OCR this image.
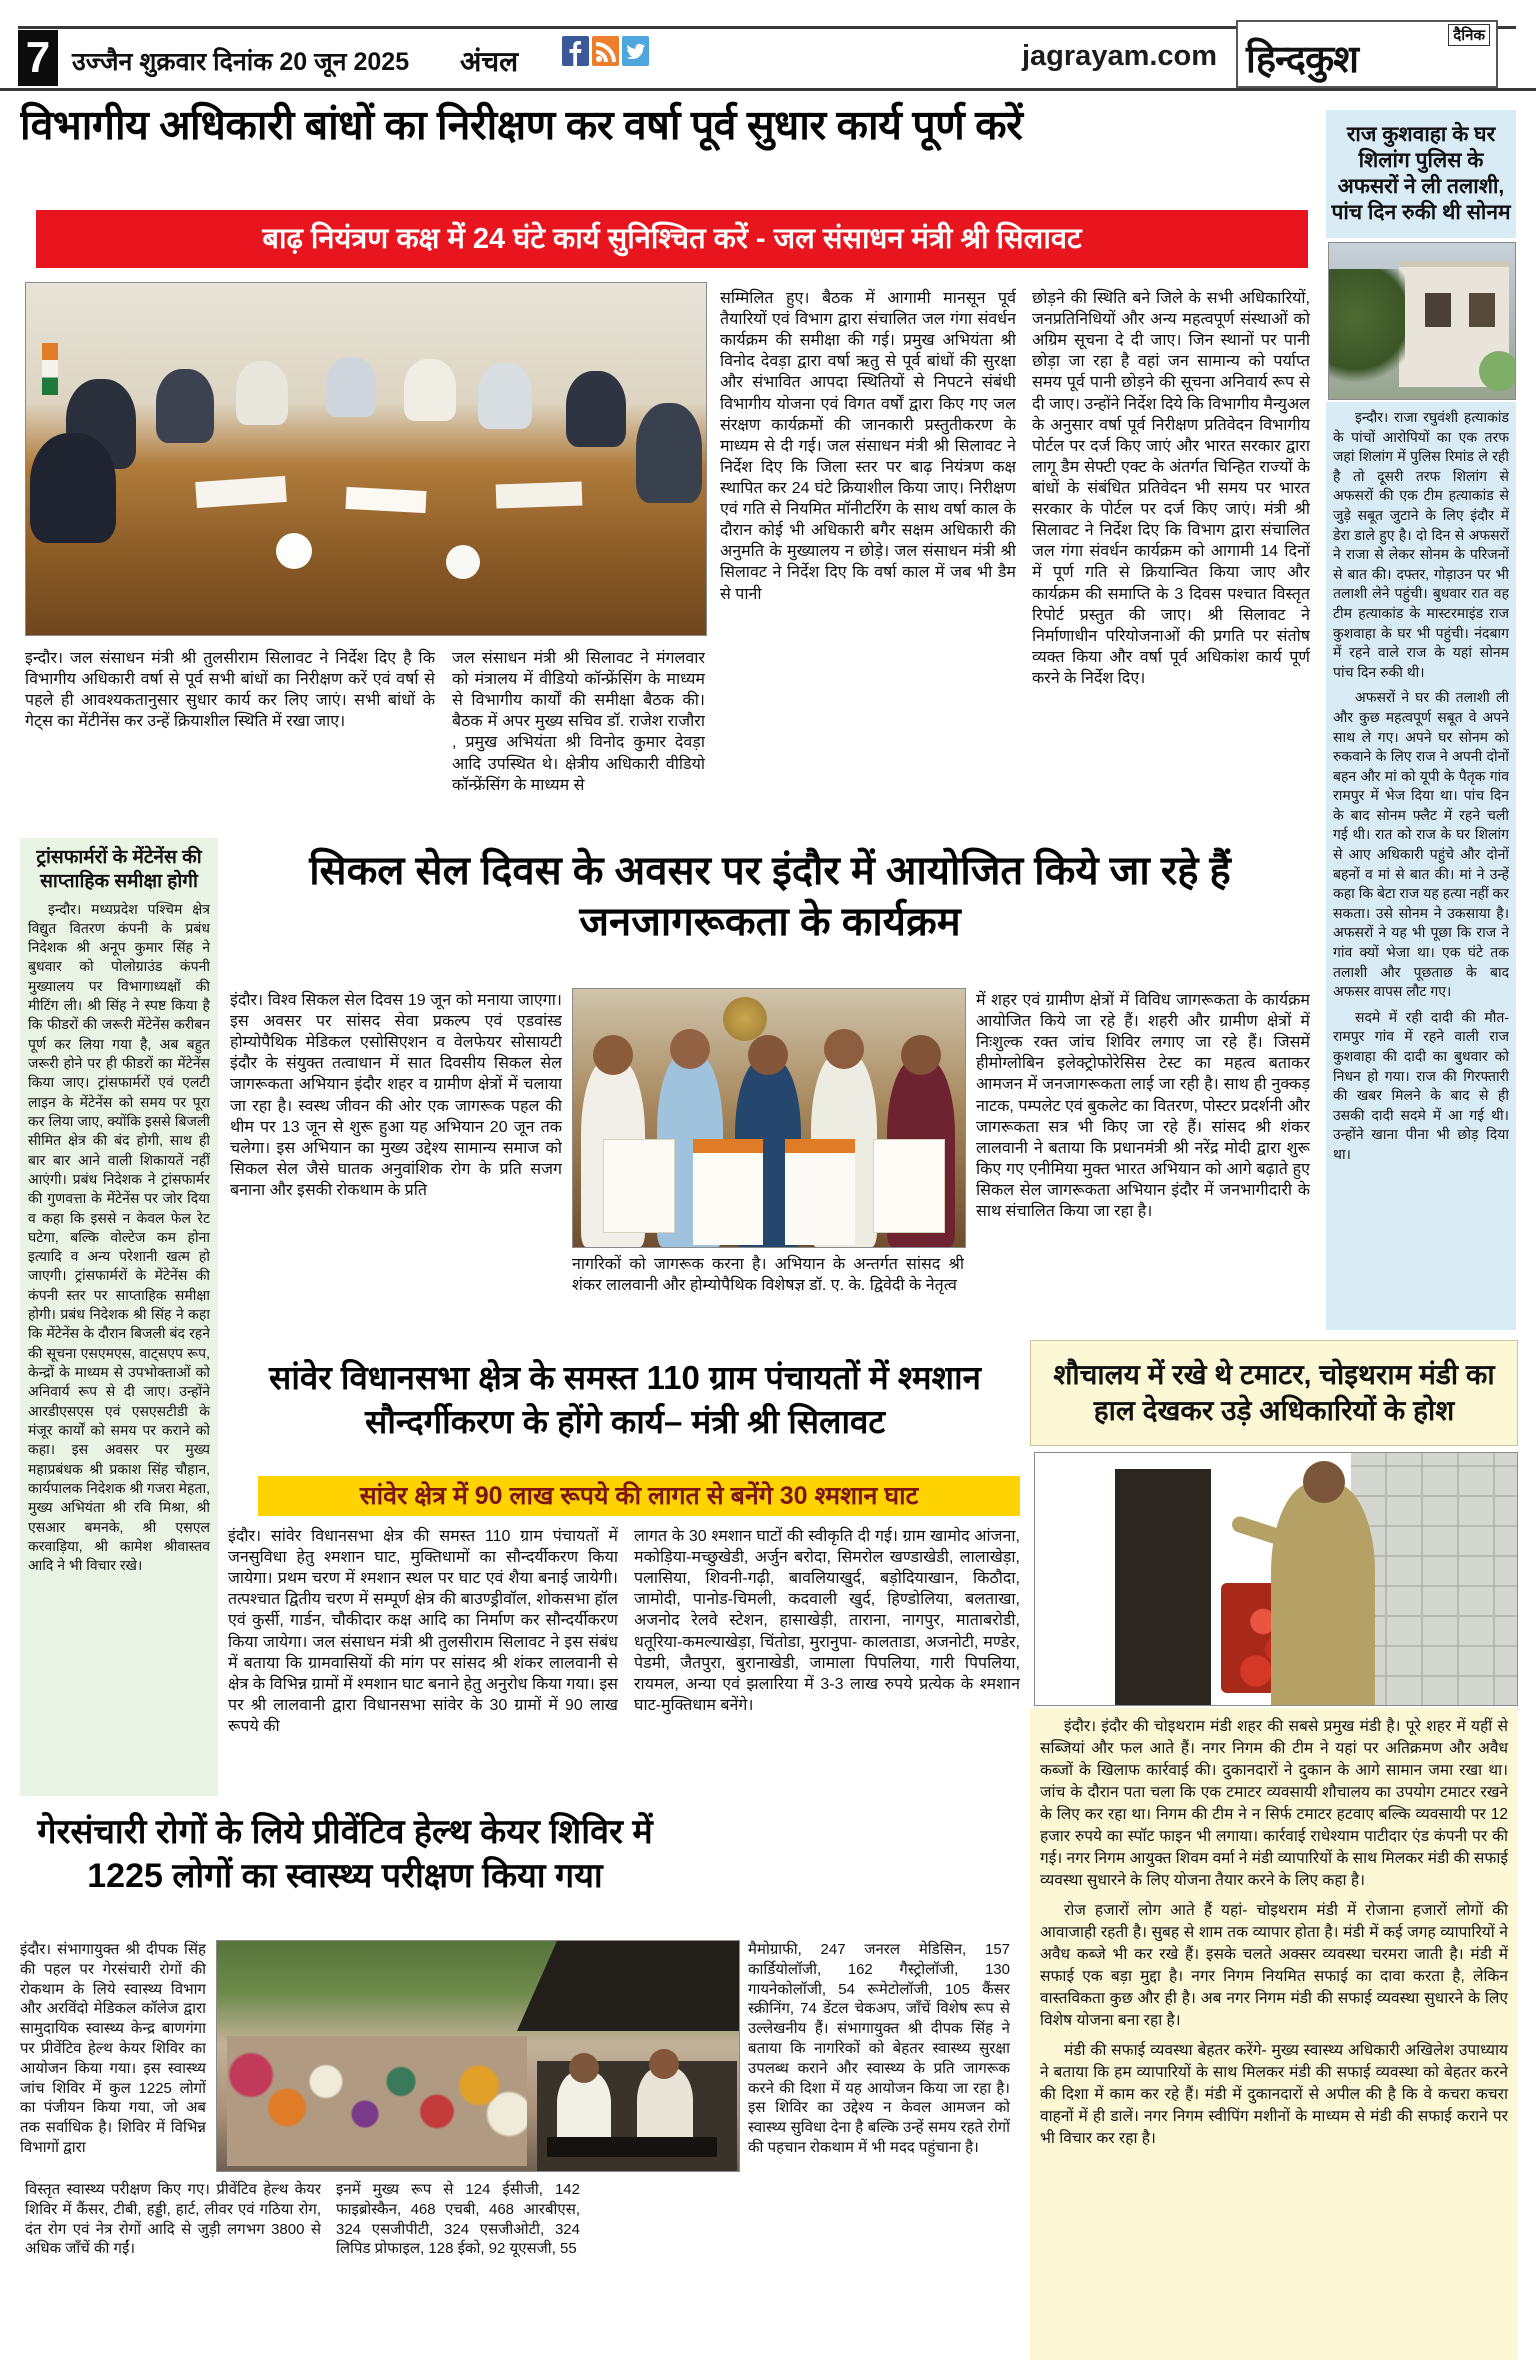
7 उज्जैन शुक्रवार दिनांक 20 जून 2025 अंचल	jagrayam.com
दैनिक
हिन्दकुश
विभागीय अधिकारी बांधों का निरीक्षण कर वर्षा पूर्व सुधार कार्य पूर्ण करें
बाढ़ नियंत्रण कक्ष में 24 घंटे कार्य सुनिश्चित करें - जल संसाधन मंत्री श्री सिलावट
इन्दौर। जल संसाधन मंत्री श्री तुलसीराम सिलावट ने निर्देश दिए है कि विभागीय अधिकारी वर्षा से पूर्व सभी बांधों का निरीक्षण करें एवं वर्षा से पहले ही आवश्यकतानुसार सुधार कार्य कर लिए जाएं। सभी बांधों के गेट्स का मेंटीनेंस कर उन्हें क्रियाशील स्थिति में रखा जाए।
जल संसाधन मंत्री श्री सिलावट ने मंगलवार को मंत्रालय में वीडियो कॉन्फ्रेंसिंग के माध्यम से विभागीय कार्यों की समीक्षा बैठक की। बैठक में अपर मुख्य सचिव डॉ. राजेश राजौरा , प्रमुख अभियंता श्री विनोद कुमार देवड़ा आदि उपस्थित थे। क्षेत्रीय अधिकारी वीडियो कॉन्फ्रेंसिंग के माध्यम से
सम्मिलित हुए। बैठक में आगामी मानसून पूर्व तैयारियों एवं विभाग द्वारा संचालित जल गंगा संवर्धन कार्यक्रम की समीक्षा की गई। प्रमुख अभियंता श्री विनोद देवड़ा द्वारा वर्षा ऋतु से पूर्व बांधों की सुरक्षा और संभावित आपदा स्थितियों से निपटने संबंधी विभागीय योजना एवं विगत वर्षों द्वारा किए गए जल संरक्षण कार्यक्रमों की जानकारी प्रस्तुतीकरण के माध्यम से दी गई। जल संसाधन मंत्री श्री सिलावट ने निर्देश दिए कि जिला स्तर पर बाढ़ नियंत्रण कक्ष स्थापित कर 24 घंटे क्रियाशील किया जाए। निरीक्षण एवं गति से नियमित मॉनीटरिंग के साथ वर्षा काल के दौरान कोई भी अधिकारी बगैर सक्षम अधिकारी की अनुमति के मुख्यालय न छोड़े। जल संसाधन मंत्री श्री सिलावट ने निर्देश दिए कि वर्षा काल में जब भी डैम से पानी
छोड़ने की स्थिति बने जिले के सभी अधिकारियों, जनप्रतिनिधियों और अन्य महत्वपूर्ण संस्थाओं को अग्रिम सूचना दे दी जाए। जिन स्थानों पर पानी छोड़ा जा रहा है वहां जन सामान्य को पर्याप्त समय पूर्व पानी छोड़ने की सूचना अनिवार्य रूप से दी जाए। उन्होंने निर्देश दिये कि विभागीय मैन्युअल के अनुसार वर्षा पूर्व निरीक्षण प्रतिवेदन विभागीय पोर्टल पर दर्ज किए जाएं और भारत सरकार द्वारा लागू डैम सेफ्टी एक्ट के अंतर्गत चिन्हित राज्यों के बांधों के संबंधित प्रतिवेदन भी समय पर भारत सरकार के पोर्टल पर दर्ज किए जाएं। मंत्री श्री सिलावट ने निर्देश दिए कि विभाग द्वारा संचालित जल गंगा संवर्धन कार्यक्रम को आगामी 14 दिनों में पूर्ण गति से क्रियान्वित किया जाए और कार्यक्रम की समाप्ति के 3 दिवस पश्चात विस्तृत रिपोर्ट प्रस्तुत की जाए। श्री सिलावट ने निर्माणाधीन परियोजनाओं की प्रगति पर संतोष व्यक्त किया और वर्षा पूर्व अधिकांश कार्य पूर्ण करने के निर्देश दिए।
राज कुशवाहा के घर शिलांग पुलिस के अफसरों ने ली तलाशी, पांच दिन रुकी थी सोनम

इन्दौर। राजा रघुवंशी हत्याकांड के पांचों आरोपियों का एक तरफ जहां शिलांग में पुलिस रिमांड ले रही है तो दूसरी तरफ शिलांग से अफसरों की एक टीम हत्याकांड से जुड़े सबूत जुटाने के लिए इंदौर में डेरा डाले हुए है। दो दिन से अफसरों ने राजा से लेकर सोनम के परिजनों से बात की। दफ्तर, गोड़ाउन पर भी तलाशी लेने पहुंची। बुधवार रात वह टीम हत्याकांड के मास्टरमाइंड राज कुशवाहा के घर भी पहुंची। नंदबाग में रहने वाले राज के यहां सोनम पांच दिन रुकी थी।

अफसरों ने घर की तलाशी ली और कुछ महत्वपूर्ण सबूत वे अपने साथ ले गए। अपने घर सोनम को रुकवाने के लिए राज ने अपनी दोनों बहन और मां को यूपी के पैतृक गांव रामपुर में भेज दिया था। पांच दिन के बाद सोनम फ्लैट में रहने चली गई थी। रात को राज के घर शिलांग से आए अधिकारी पहुंचे और दोनों बहनों व मां से बात की। मां ने उन्हें कहा कि बेटा राज यह हत्या नहीं कर सकता। उसे सोनम ने उकसाया है। अफसरों ने यह भी पूछा कि राज ने गांव क्यों भेजा था। एक घंटे तक तलाशी और पूछताछ के बाद अफसर वापस लौट गए।

सदमे में रही दादी की मौत- रामपुर गांव में रहने वाली राज कुशवाहा की दादी का बुधवार को निधन हो गया। राज की गिरफ्तारी की खबर मिलने के बाद से ही उसकी दादी सदमे में आ गई थी। उन्होंने खाना पीना भी छोड़ दिया था।

ट्रांसफार्मरों के मेंटेनेंस की साप्ताहिक समीक्षा होगी
इन्दौर। मध्यप्रदेश पश्चिम क्षेत्र विद्युत वितरण कंपनी के प्रबंध निदेशक श्री अनूप कुमार सिंह ने बुधवार को पोलोग्राउंड कंपनी मुख्यालय पर विभागाध्यक्षों की मीटिंग ली। श्री सिंह ने स्पष्ट किया है कि फीडरों की जरूरी मेंटेनेंस करीबन पूर्ण कर लिया गया है, अब बहुत जरूरी होने पर ही फीडरों का मेंटेनेंस किया जाए। ट्रांसफार्मरों एवं एलटी लाइन के मेंटेनेंस को समय पर पूरा कर लिया जाए, क्योंकि इससे बिजली सीमित क्षेत्र की बंद होगी, साथ ही बार बार आने वाली शिकायतें नहीं आएंगी। प्रबंध निदेशक ने ट्रांसफार्मर की गुणवत्ता के मेंटेनेंस पर जोर दिया व कहा कि इससे न केवल फेल रेट घटेगा, बल्कि वोल्टेज कम होना इत्यादि व अन्य परेशानी खत्म हो जाएगी। ट्रांसफार्मरों के मेंटेनेंस की कंपनी स्तर पर साप्ताहिक समीक्षा होगी। प्रबंध निदेशक श्री सिंह ने कहा कि मेंटेनेंस के दौरान बिजली बंद रहने की सूचना एसएमएस, वाट्सएप रूप, केन्द्रों के माध्यम से उपभोक्ताओं को अनिवार्य रूप से दी जाए। उन्होंने आरडीएसएस एवं एसएसटीडी के मंजूर कार्यों को समय पर कराने को कहा। इस अवसर पर मुख्य महाप्रबंधक श्री प्रकाश सिंह चौहान, कार्यपालक निदेशक श्री गजरा मेहता, मुख्य अभियंता श्री रवि मिश्रा, श्री एसआर बमनके, श्री एसएल करवाड़िया, श्री कामेश श्रीवास्तव आदि ने भी विचार रखे।
सिकल सेल दिवस के अवसर पर इंदौर में आयोजित किये जा रहे हैं जनजागरूकता के कार्यक्रम
इंदौर। विश्व सिकल सेल दिवस 19 जून को मनाया जाएगा। इस अवसर पर सांसद सेवा प्रकल्प एवं एडवांस्ड होम्योपैथिक मेडिकल एसोसिएशन व वेलफेयर सोसायटी इंदौर के संयुक्त तत्वाधान में सात दिवसीय सिकल सेल जागरूकता अभियान इंदौर शहर व ग्रामीण क्षेत्रों में चलाया जा रहा है। स्वस्थ जीवन की ओर एक जागरूक पहल की थीम पर 13 जून से शुरू हुआ यह अभियान 20 जून तक चलेगा। इस अभियान का मुख्य उद्देश्य सामान्य समाज को सिकल सेल जैसे घातक अनुवांशिक रोग के प्रति सजग बनाना और इसकी रोकथाम के प्रति
नागरिकों को जागरूक करना है। अभियान के अन्तर्गत सांसद श्री शंकर लालवानी और होम्योपैथिक विशेषज्ञ डॉ. ए. के. द्विवेदी के नेतृत्व
में शहर एवं ग्रामीण क्षेत्रों में विविध जागरूकता के कार्यक्रम आयोजित किये जा रहे हैं। शहरी और ग्रामीण क्षेत्रों में निःशुल्क रक्त जांच शिविर लगाए जा रहे हैं। जिसमें हीमोग्लोबिन इलेक्ट्रोफोरेसिस टेस्ट का महत्व बताकर आमजन में जनजागरूकता लाई जा रही है। साथ ही नुक्कड़ नाटक, पम्पलेट एवं बुकलेट का वितरण, पोस्टर प्रदर्शनी और जागरूकता सत्र भी किए जा रहे हैं। सांसद श्री शंकर लालवानी ने बताया कि प्रधानमंत्री श्री नरेंद्र मोदी द्वारा शुरू किए गए एनीमिया मुक्त भारत अभियान को आगे बढ़ाते हुए सिकल सेल जागरूकता अभियान इंदौर में जनभागीदारी के साथ संचालित किया जा रहा है।
सांवेर विधानसभा क्षेत्र के समस्त 110 ग्राम पंचायतों में श्मशान सौन्दर्गीकरण के होंगे कार्य– मंत्री श्री सिलावट
सांवेर क्षेत्र में 90 लाख रूपये की लागत से बनेंगे 30 श्मशान घाट
इंदौर। सांवेर विधानसभा क्षेत्र की समस्त 110 ग्राम पंचायतों में जनसुविधा हेतु श्मशान घाट, मुक्तिधामों का सौन्दर्यीकरण किया जायेगा। प्रथम चरण में श्मशान स्थल पर घाट एवं शैया बनाई जायेगी। तत्पश्चात द्वितीय चरण में सम्पूर्ण क्षेत्र की बाउण्ड्रीवॉल, शोकसभा हॉल एवं कुर्सी, गार्डन, चौकीदार कक्ष आदि का निर्माण कर सौन्दर्यीकरण किया जायेगा। जल संसाधन मंत्री श्री तुलसीराम सिलावट ने इस संबंध में बताया कि ग्रामवासियों की मांग पर सांसद श्री शंकर लालवानी से क्षेत्र के विभिन्न ग्रामों में श्मशान घाट बनाने हेतु अनुरोध किया गया। इस पर श्री लालवानी द्वारा विधानसभा सांवेर के 30 ग्रामों में 90 लाख रूपये की
लागत के 30 श्मशान घाटों की स्वीकृति दी गई। ग्राम खामोद आंजना, मकोड़िया-मच्छुखेडी, अर्जुन बरोदा, सिमरोल खण्डाखेडी, लालाखेड़ा, पलासिया, शिवनी-गढ़ी, बावलियाखुर्द, बड़ोदियाखान, किठौदा, जामोदी, पानोड-चिमली, कदवाली खुर्द, हिण्डोलिया, बलताखा, अजनोद रेलवे स्टेशन, हासाखेड़ी, ताराना, नागपुर, माताबरोडी, धतूरिया-कमल्याखेड़ा, चिंतोडा, मुरानुपा- कालताडा, अजनोटी, मण्डेर, पेडमी, जैतपुरा, बुरानाखेडी, जामाला पिपलिया, गारी पिपलिया, रायमल, अन्या एवं झलारिया में 3-3 लाख रुपये प्रत्येक के श्मशान घाट-मुक्तिधाम बनेंगे।
शौचालय में रखे थे टमाटर, चोइथराम मंडी का हाल देखकर उड़े अधिकारियों के होश

इंदौर। इंदौर की चोइथराम मंडी शहर की सबसे प्रमुख मंडी है। पूरे शहर में यहीं से सब्जियां और फल आते हैं। नगर निगम की टीम ने यहां पर अतिक्रमण और अवैध कब्जों के खिलाफ कार्रवाई की। दुकानदारों ने दुकान के आगे सामान जमा रखा था। जांच के दौरान पता चला कि एक टमाटर व्यवसायी शौचालय का उपयोग टमाटर रखने के लिए कर रहा था। निगम की टीम ने न सिर्फ टमाटर हटवाए बल्कि व्यवसायी पर 12 हजार रुपये का स्पॉट फाइन भी लगाया। कार्रवाई राधेश्याम पाटीदार एंड कंपनी पर की गई। नगर निगम आयुक्त शिवम वर्मा ने मंडी व्यापारियों के साथ मिलकर मंडी की सफाई व्यवस्था सुधारने के लिए योजना तैयार करने के लिए कहा है।

रोज हजारों लोग आते हैं यहां- चोइथराम मंडी में रोजाना हजारों लोगों की आवाजाही रहती है। सुबह से शाम तक व्यापार होता है। मंडी में कई जगह व्यापारियों ने अवैध कब्जे भी कर रखे हैं। इसके चलते अक्सर व्यवस्था चरमरा जाती है। मंडी में सफाई एक बड़ा मुद्दा है। नगर निगम नियमित सफाई का दावा करता है, लेकिन वास्तविकता कुछ और ही है। अब नगर निगम मंडी की सफाई व्यवस्था सुधारने के लिए विशेष योजना बना रहा है।

मंडी की सफाई व्यवस्था बेहतर करेंगे- मुख्य स्वास्थ्य अधिकारी अखिलेश उपाध्याय ने बताया कि हम व्यापारियों के साथ मिलकर मंडी की सफाई व्यवस्था को बेहतर करने की दिशा में काम कर रहे हैं। मंडी में दुकानदारों से अपील की है कि वे कचरा कचरा वाहनों में ही डालें। नगर निगम स्वीपिंग मशीनों के माध्यम से मंडी की सफाई कराने पर भी विचार कर रहा है।

गेरसंचारी रोगों के लिये प्रीवेंटिव हेल्थ केयर शिविर में 1225 लोगों का स्वास्थ्य परीक्षण किया गया
इंदौर। संभागायुक्त श्री दीपक सिंह की पहल पर गेरसंचारी रोगों की रोकथाम के लिये स्वास्थ्य विभाग और अरविंदो मेडिकल कॉलेज द्वारा सामुदायिक स्वास्थ्य केन्द्र बाणगंगा पर प्रीवेंटिव हेल्थ केयर शिविर का आयोजन किया गया। इस स्वास्थ्य जांच शिविर में कुल 1225 लोगों का पंजीयन किया गया, जो अब तक सर्वाधिक है। शिविर में विभिन्न विभागों द्वारा
विस्तृत स्वास्थ्य परीक्षण किए गए। प्रीवेंटिव हेल्थ केयर शिविर में कैंसर, टीबी, हड्डी, हार्ट, लीवर एवं गठिया रोग, दंत रोग एवं नेत्र रोगों आदि से जुड़ी लगभग 3800 से अधिक जाँचें की गईं।
इनमें मुख्य रूप से 124 ईसीजी, 142 फाइब्रोस्कैन, 468 एचबी, 468 आरबीएस, 324 एसजीपीटी, 324 एसजीओटी, 324 लिपिड प्रोफाइल, 128 ईको, 92 यूएसजी, 55
मैमोग्राफी, 247 जनरल मेडिसिन, 157 कार्डियोलॉजी, 162 गैस्ट्रोलॉजी, 130 गायनेकोलॉजी, 54 रूमेटोलॉजी, 105 कैंसर स्क्रीनिंग, 74 डेंटल चेकअप, जाँचें विशेष रूप से उल्लेखनीय हैं। संभागायुक्त श्री दीपक सिंह ने बताया कि नागरिकों को बेहतर स्वास्थ्य सुरक्षा उपलब्ध कराने और स्वास्थ्य के प्रति जागरूक करने की दिशा में यह आयोजन किया जा रहा है। इस शिविर का उद्देश्य न केवल आमजन को स्वास्थ्य सुविधा देना है बल्कि उन्हें समय रहते रोगों की पहचान रोकथाम में भी मदद पहुंचाना है।
